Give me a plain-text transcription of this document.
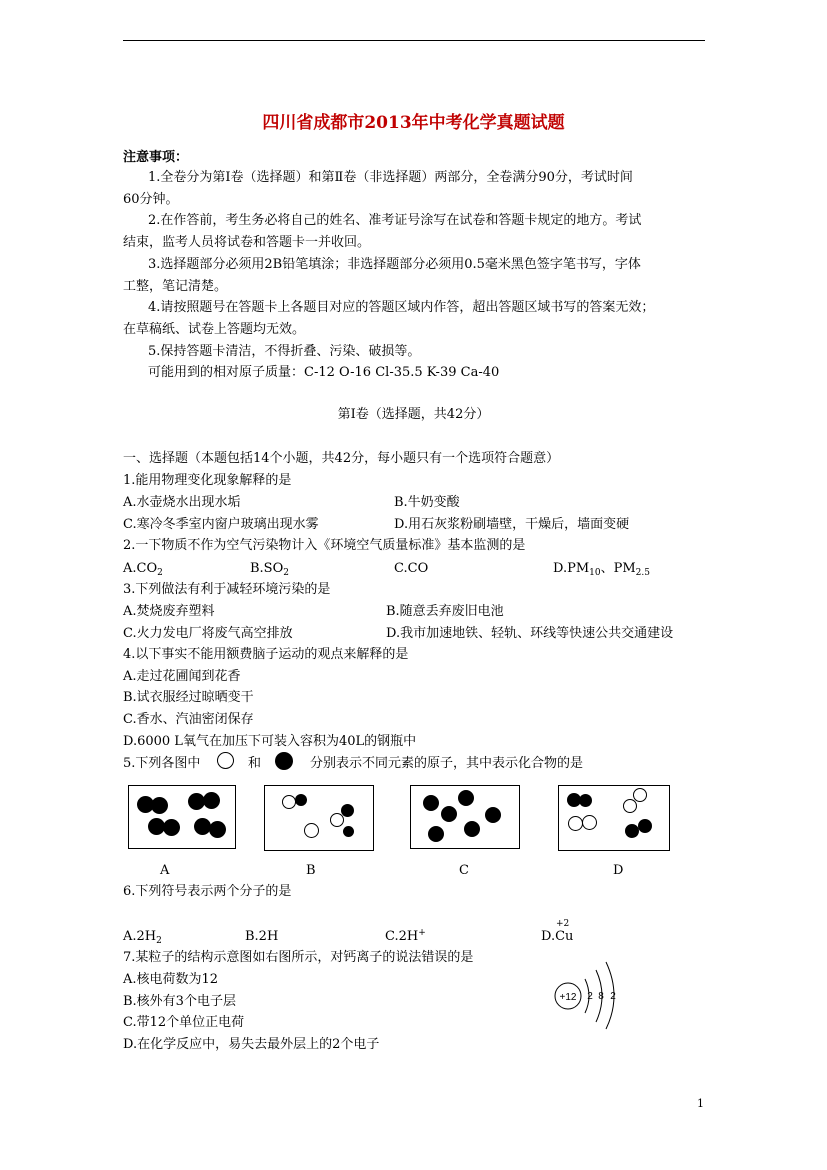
四川省成都市2013年中考化学真题试题
注意事项：
1.全卷分为第Ⅰ卷（选择题）和第Ⅱ卷（非选择题）两部分，全卷满分90分，考试时间
60分钟。
2.在作答前，考生务必将自己的姓名、准考证号涂写在试卷和答题卡规定的地方。考试
结束，监考人员将试卷和答题卡一并收回。
3.选择题部分必须用2B铅笔填涂；非选择题部分必须用0.5毫米黑色签字笔书写，字体
工整，笔记清楚。
4.请按照题号在答题卡上各题目对应的答题区域内作答，超出答题区域书写的答案无效；
在草稿纸、试卷上答题均无效。
5.保持答题卡清洁，不得折叠、污染、破损等。
可能用到的相对原子质量：C-12 O-16 Cl-35.5 K-39 Ca-40
第Ⅰ卷（选择题，共42分）
一、选择题（本题包括14个小题，共42分，每小题只有一个选项符合题意）
1.能用物理变化现象解释的是
A.水壶烧水出现水垢	B.牛奶变酸
C.寒冷冬季室内窗户玻璃出现水雾	D.用石灰浆粉刷墙壁，干燥后，墙面变硬
2.一下物质不作为空气污染物计入《环境空气质量标准》基本监测的是
$A.CO_2$	$B.SO_2$	C.CO	$D.PM_{10}$、$PM_{2.5}$
3.下列做法有利于减轻环境污染的是
A.焚烧废弃塑料	B.随意丢弃废旧电池
C.火力发电厂将废气高空排放	D.我市加速地铁、轻轨、环线等快速公共交通建设
4.以下事实不能用额费脑子运动的观点来解释的是
A.走过花圃闻到花香
B.试衣服经过晾晒变干
C.香水、汽油密闭保存
D.6000 L氧气在加压下可装入容积为40L的钢瓶中
5.下列各图中	和	分别表示不同元素的原子，其中表示化合物的是
A	B	C	D
6.下列符号表示两个分子的是
$A.2H_2$	B.2H	C.2H+
+2
D.Cu
7.某粒子的结构示意图如右图所示，对钙离子的说法错误的是
A.核电荷数为12
B.核外有3个电子层
C.带12个单位正电荷
D.在化学反应中，易失去最外层上的2个电子
+12 2 8 2
1
